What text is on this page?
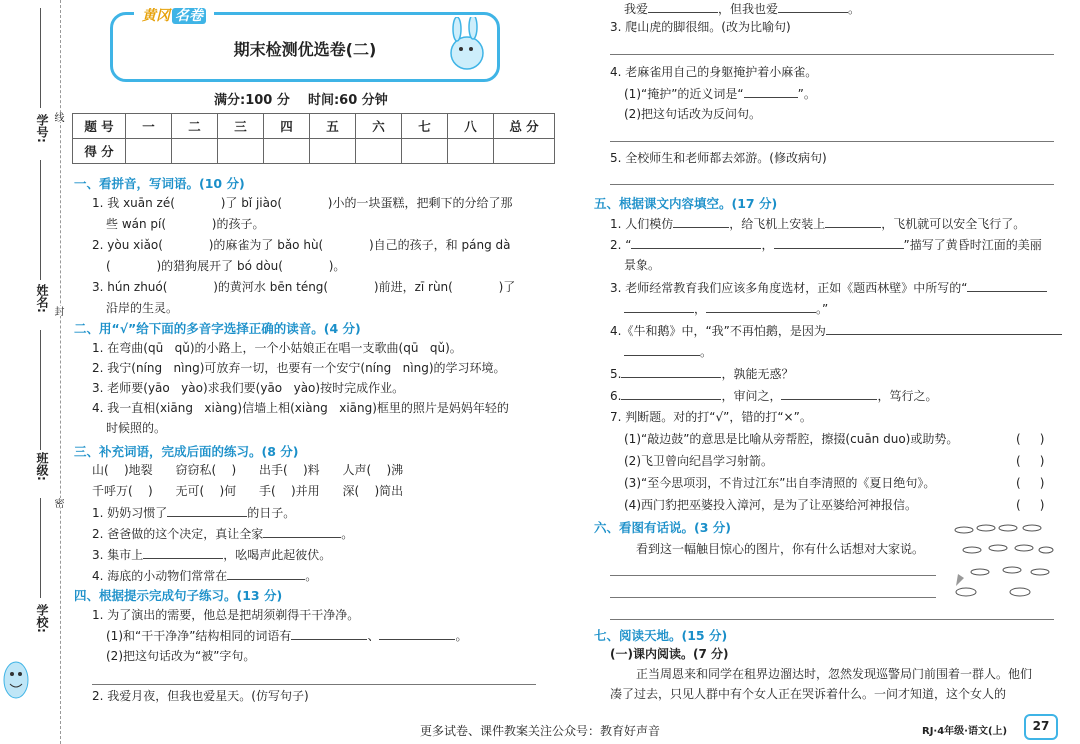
学号:
姓名:
班级:
学校:
线
封
密
期末检测优选卷(二)
黄冈 名卷
满分:100 分    时间:60 分钟
题 号	一	二	三	四	五	六	七	八	总 分
得 分									
一、看拼音，写词语。(10 分)
1. 我 xuān zé(            )了 bǐ jiào(            )小的一块蛋糕，把剩下的分给了那
些 wán pí(            )的孩子。
2. yòu xiǎo(            )的麻雀为了 bǎo hù(            )自己的孩子，和 páng dà
(            )的猎狗展开了 bó dòu(            )。
3. hún zhuó(            )的黄河水 bēn téng(            )前进，zī rùn(            )了
沿岸的生灵。
二、用“√”给下面的多音字选择正确的读音。(4 分)
1. 在弯曲(qū   qǔ)的小路上，一个小姑娘正在唱一支歌曲(qū   qǔ)。
2. 我宁(níng   nìng)可放弃一切，也要有一个安宁(níng   nìng)的学习环境。
3. 老师要(yāo   yào)求我们要(yāo   yào)按时完成作业。
4. 我一直相(xiāng   xiàng)信墙上相(xiàng   xiāng)框里的照片是妈妈年轻的
时候照的。
三、补充词语，完成后面的练习。(8 分)
山(    )地裂      窃窃私(    )      出手(    )料      人声(    )沸
千呼万(    )      无可(    )何      手(    )并用      深(    )简出
1. 奶奶习惯了	的日子。
2. 爸爸做的这个决定，真让全家	。
3. 集市上	，吆喝声此起彼伏。
4. 海底的小动物们常常在	。
四、根据提示完成句子练习。(13 分)
1. 为了演出的需要，他总是把胡须剃得干干净净。
(1)和“干干净净”结构相同的词语有	、	。
(2)把这句话改为“被”字句。
2. 我爱月夜，但我也爱星天。(仿写句子)
我爱	，但我也爱	。
3. 爬山虎的脚很细。(改为比喻句)
4. 老麻雀用自己的身躯掩护着小麻雀。
(1)“掩护”的近义词是“	”。
(2)把这句话改为反问句。
5. 全校师生和老师都去郊游。(修改病句)
五、根据课文内容填空。(17 分)
1. 人们模仿	，给飞机上安装上	，飞机就可以安全飞行了。
2. “	，	”描写了黄昏时江面的美丽
景象。
3. 老师经常教育我们应该多角度选材，正如《题西林壁》中所写的“
，	。”
4.《牛和鹅》中，“我”不再怕鹅，是因为
。
5.	，孰能无惑？
6.	，审问之，	，笃行之。
7. 判断题。对的打“√”，错的打“×”。
(1)“敲边鼓”的意思是比喻从旁帮腔，擦掇(cuān duo)或助势。	(     )
(2)飞卫曾向纪昌学习射箭。	(     )
(3)“至今思项羽，不肯过江东”出自李清照的《夏日绝句》。	(     )
(4)西门豹把巫婆投入漳河，是为了让巫婆给河神报信。	(     )
六、看图有话说。(3 分)
看到这一幅触目惊心的图片，你有什么话想对大家说。
七、阅读天地。(15 分)
(一)课内阅读。(7 分)
正当周恩来和同学在租界边溜达时，忽然发现巡警局门前围着一群人。他们
凑了过去，只见人群中有个女人正在哭诉着什么。一问才知道，这个女人的
更多试卷、课件教案关注公众号：教育好声音	RJ·4年级·语文(上)	27
